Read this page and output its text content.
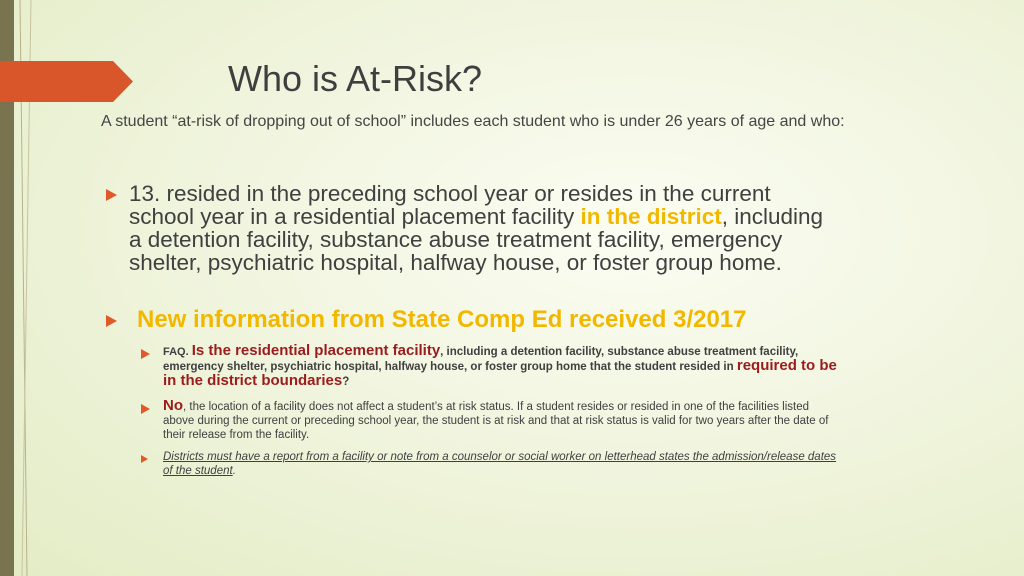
Who is At-Risk?
A student “at-risk of dropping out of school” includes each student who is under 26 years of age and who:
13. resided in the preceding school year or resides in the current school year in a residential placement facility in the district, including a detention facility, substance abuse treatment facility, emergency shelter, psychiatric hospital, halfway house, or foster group home.
New information from State Comp Ed received 3/2017
FAQ. Is the residential placement facility, including a detention facility, substance abuse treatment facility, emergency shelter, psychiatric hospital, halfway house, or foster group home that the student resided in required to be in the district boundaries?
No, the location of a facility does not affect a student’s at risk status. If a student resides or resided in one of the facilities listed above during the current or preceding school year, the student is at risk and that at risk status is valid for two years after the date of their release from the facility.
Districts must have a report from a facility or note from a counselor or social worker on letterhead states the admission/release dates of the student.
